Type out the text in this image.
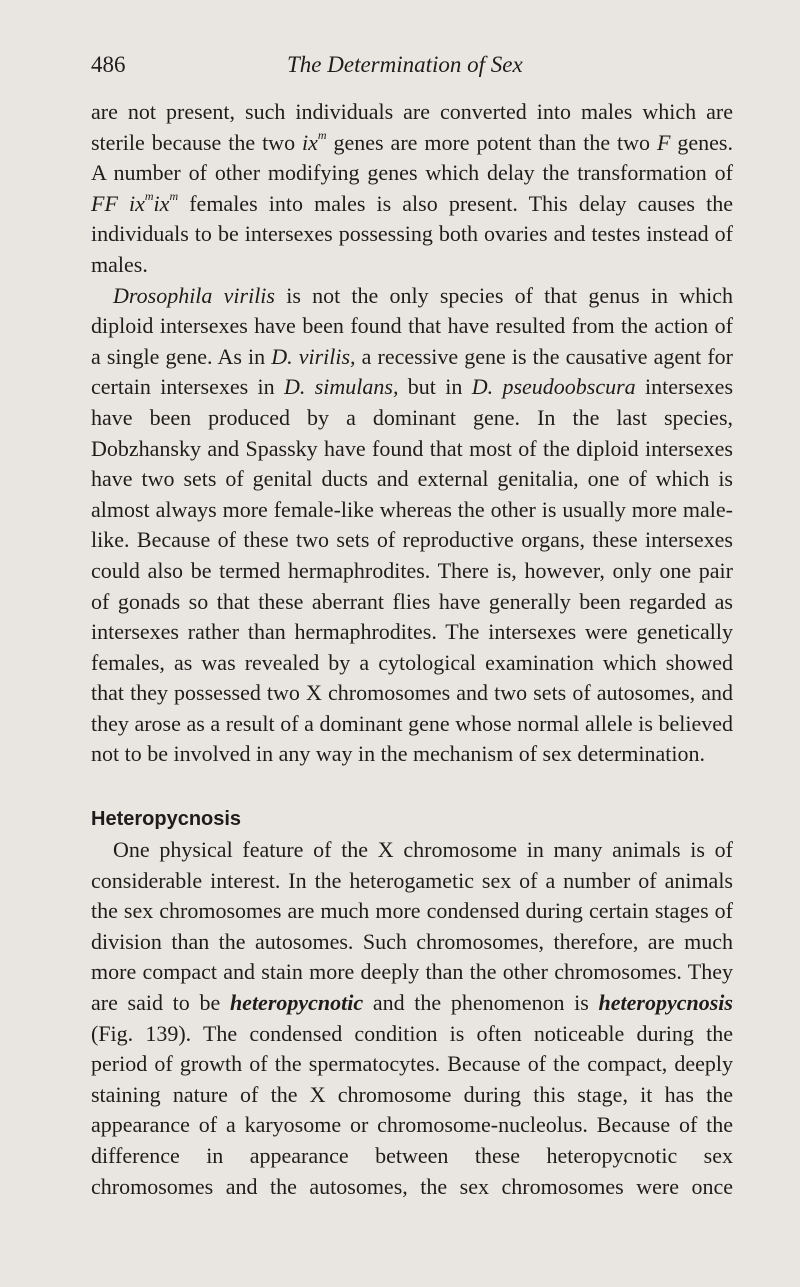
486	The Determination of Sex

are not present, such individuals are converted into males which are sterile because the two $ix^m$ genes are more potent than the two F genes. A number of other modifying genes which delay the transformation of FF $ix^mix^m$ females into males is also present. This delay causes the individuals to be intersexes possessing both ovaries and testes instead of males.

Drosophila virilis is not the only species of that genus in which diploid intersexes have been found that have resulted from the action of a single gene. As in D. virilis, a recessive gene is the causative agent for certain intersexes in D. simulans, but in D. pseudoobscura intersexes have been produced by a dominant gene. In the last species, Dobzhansky and Spassky have found that most of the diploid intersexes have two sets of genital ducts and external genitalia, one of which is almost always more female-like whereas the other is usually more male-like. Because of these two sets of reproductive organs, these intersexes could also be termed hermaphrodites. There is, however, only one pair of gonads so that these aberrant flies have generally been regarded as intersexes rather than hermaphrodites. The intersexes were genetically females, as was revealed by a cytological examination which showed that they possessed two X chromosomes and two sets of autosomes, and they arose as a result of a dominant gene whose normal allele is believed not to be involved in any way in the mechanism of sex determination.

Heteropycnosis

One physical feature of the X chromosome in many animals is of considerable interest. In the heterogametic sex of a number of animals the sex chromosomes are much more condensed during certain stages of division than the autosomes. Such chromosomes, therefore, are much more compact and stain more deeply than the other chromosomes. They are said to be heteropycnotic and the phenomenon is heteropycnosis (Fig. 139). The condensed condition is often noticeable during the period of growth of the spermatocytes. Because of the compact, deeply staining nature of the X chromosome during this stage, it has the appearance of a karyosome or chromosome-nucleolus. Because of the difference in appearance between these heteropycnotic sex chromosomes and the autosomes, the sex chromosomes were once
